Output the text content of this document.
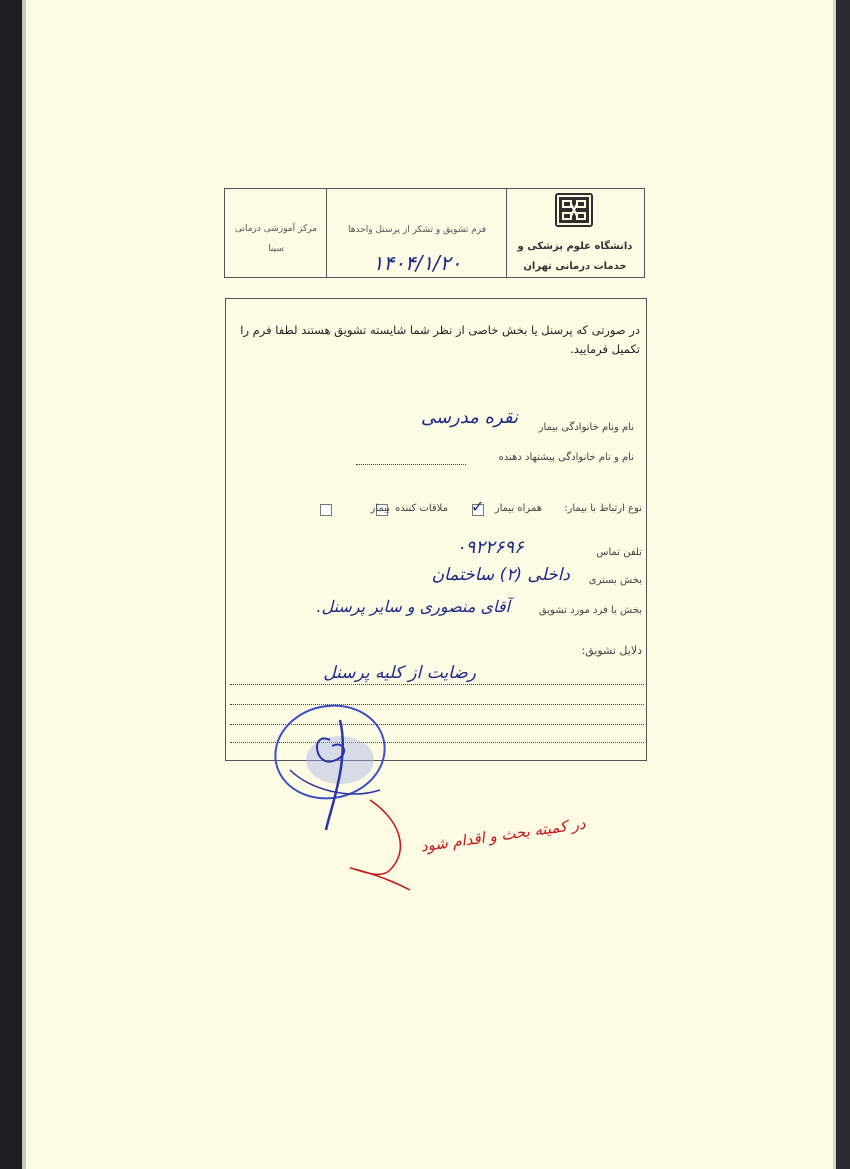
مرکز آموزشی درمانی سینا
فرم تشویق و تشکر از پرسنل واحدها
۱۴۰۴/۱/۲۰
دانشگاه علوم پزشکی و خدمات درمانی تهران
در صورتی که پرسنل یا بخش خاصی از نظر شما شایسته تشویق هستند لطفا فرم را تکمیل فرمایید.
نام ونام خانوادگی بیمار
نقره مدرسی
نام و نام خانوادگی پیشنهاد دهنده
نوع ارتباط با بیمار:
همراه بیمار
✓
ملاقات کننده
بیمار
تلفن تماس
۰۹۲۲۶۹۶
بخش بستری
داخلی (۲) ساختمان
بخش یا فرد مورد تشویق
آقای منصوری و سایر پرسنل.
دلایل تشویق:
رضایت از کلیه پرسنل
در کمیته بحث و اقدام شود
